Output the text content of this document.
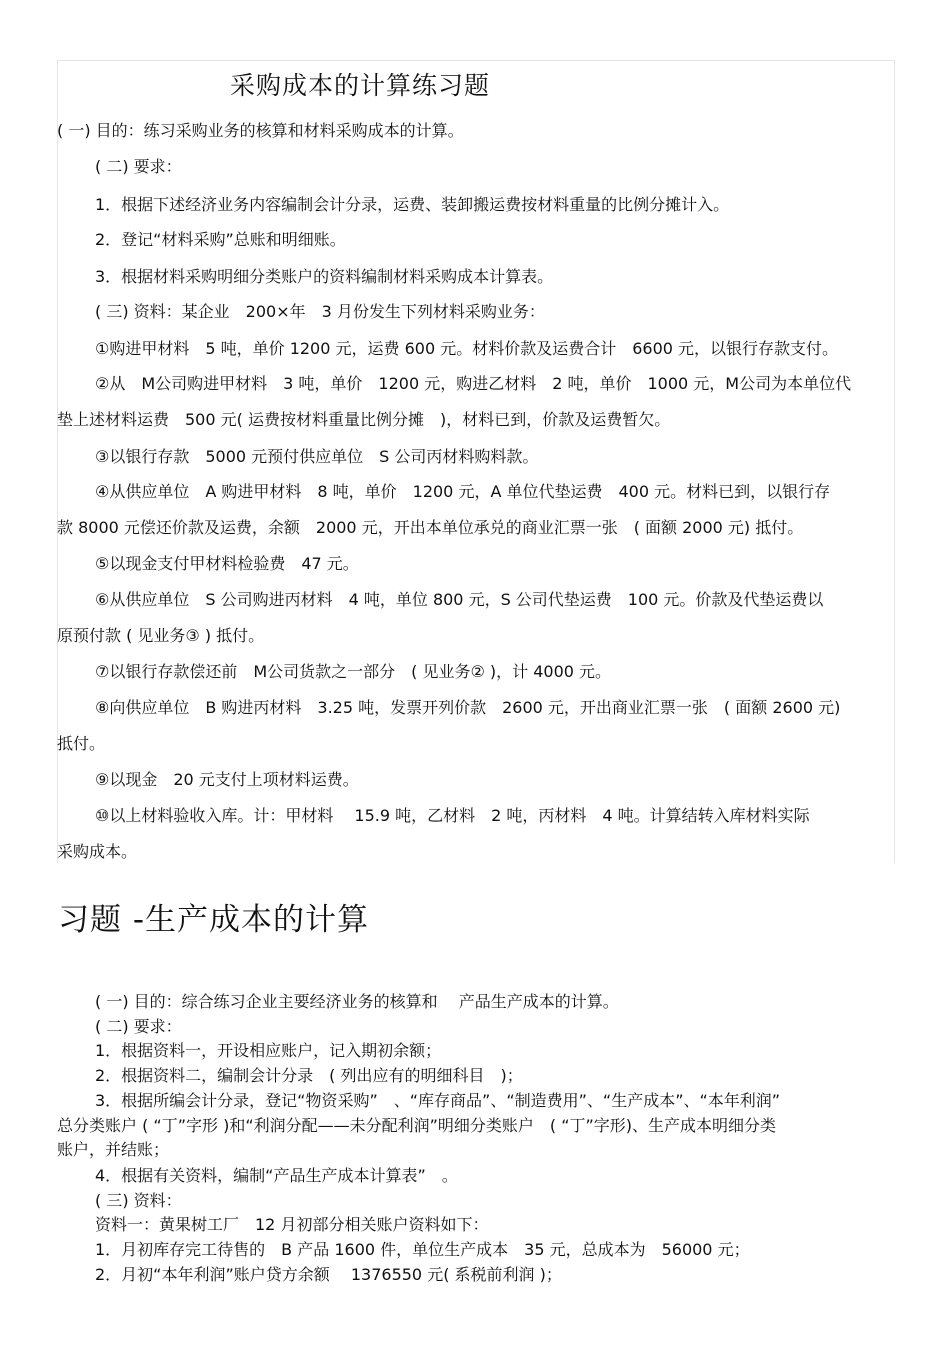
采购成本的计算练习题
( 一) 目的：练习采购业务的核算和材料采购成本的计算。
( 二) 要求：
1．根据下述经济业务内容编制会计分录，运费、装卸搬运费按材料重量的比例分摊计入。
2．登记“材料采购”总账和明细账。
3．根据材料采购明细分类账户的资料编制材料采购成本计算表。
( 三) 资料：某企业　200×年　3 月份发生下列材料采购业务：
①购进甲材料　5 吨，单价 1200 元，运费 600 元。材料价款及运费合计　6600 元，以银行存款支付。
②从　M公司购进甲材料　3 吨，单价　1200 元，购进乙材料　2 吨，单价　1000 元，M公司为本单位代
垫上述材料运费　500 元( 运费按材料重量比例分摊　)，材料已到，价款及运费暂欠。
③以银行存款　5000 元预付供应单位　S 公司丙材料购料款。
④从供应单位　A 购进甲材料　8 吨，单价　1200 元，A 单位代垫运费　400 元。材料已到，以银行存
款 8000 元偿还价款及运费，余额　2000 元，开出本单位承兑的商业汇票一张　( 面额 2000 元) 抵付。
⑤以现金支付甲材料检验费　47 元。
⑥从供应单位　S 公司购进丙材料　4 吨，单位 800 元，S 公司代垫运费　100 元。价款及代垫运费以
原预付款 ( 见业务③ ) 抵付。
⑦以银行存款偿还前　M公司货款之一部分　( 见业务② )，计 4000 元。
⑧向供应单位　B 购进丙材料　3.25 吨，发票开列价款　2600 元，开出商业汇票一张　( 面额 2600 元)
抵付。
⑨以现金　20 元支付上项材料运费。
⑩以上材料验收入库。计：甲材料　 15.9 吨，乙材料　2 吨，丙材料　4 吨。计算结转入库材料实际
采购成本。
习题 -生产成本的计算
( 一) 目的：综合练习企业主要经济业务的核算和　 产品生产成本的计算。
( 二) 要求：
1．根据资料一，开设相应账户，记入期初余额；
2．根据资料二，编制会计分录　( 列出应有的明细科目　)；
3．根据所编会计分录，登记“物资采购”　、“库存商品”、“制造费用”、“生产成本”、“本年利润”
总分类账户 ( “丁”字形 )和“利润分配——未分配利润”明细分类账户　( “丁”字形)、生产成本明细分类
账户，并结账；
4．根据有关资料，编制“产品生产成本计算表”　。
( 三) 资料：
资料一：黄果树工厂　12 月初部分相关账户资料如下：
1．月初库存完工待售的　B 产品 1600 件，单位生产成本　35 元，总成本为　56000 元；
2．月初“本年利润”账户贷方余额　 1376550 元( 系税前利润 )；
